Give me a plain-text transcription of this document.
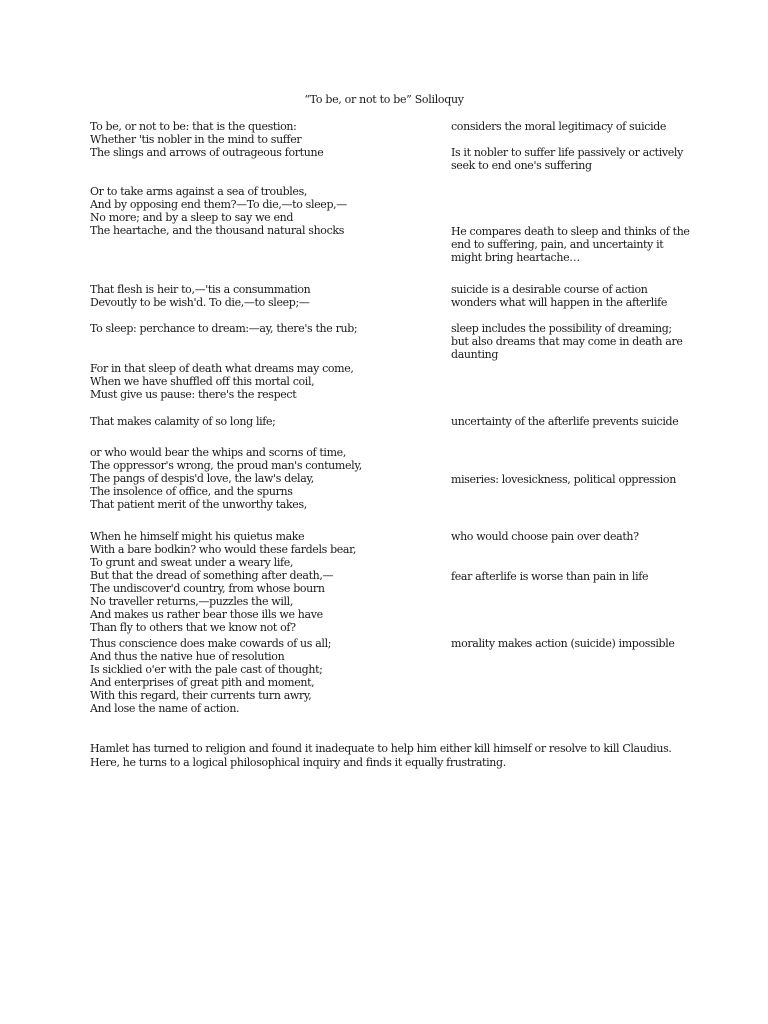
“To be, or not to be” Soliloquy
To be, or not to be: that is the question:
Whether 'tis nobler in the mind to suffer
The slings and arrows of outrageous fortune
Or to take arms against a sea of troubles,
And by opposing end them?—To die,—to sleep,—
No more; and by a sleep to say we end
The heartache, and the thousand natural shocks
That flesh is heir to,—'tis a consummation
Devoutly to be wish'd. To die,—to sleep;—
To sleep: perchance to dream:—ay, there's the rub;
For in that sleep of death what dreams may come,
When we have shuffled off this mortal coil,
Must give us pause: there's the respect
That makes calamity of so long life;
or who would bear the whips and scorns of time,
The oppressor's wrong, the proud man's contumely,
The pangs of despis'd love, the law's delay,
The insolence of office, and the spurns
That patient merit of the unworthy takes,
When he himself might his quietus make
With a bare bodkin? who would these fardels bear,
To grunt and sweat under a weary life,
But that the dread of something after death,—
The undiscover'd country, from whose bourn
No traveller returns,—puzzles the will,
And makes us rather bear those ills we have
Than fly to others that we know not of?
Thus conscience does make cowards of us all;
And thus the native hue of resolution
Is sicklied o'er with the pale cast of thought;
And enterprises of great pith and moment,
With this regard, their currents turn awry,
And lose the name of action.
considers the moral legitimacy of suicide
Is it nobler to suffer life passively or actively seek to end one's suffering
He compares death to sleep and thinks of the end to suffering, pain, and uncertainty it might bring heartache…
suicide is a desirable course of action
wonders what will happen in the afterlife
sleep includes the possibility of dreaming; but also dreams that may come in death are daunting
uncertainty of the afterlife prevents suicide
miseries: lovesickness, political oppression
who would choose pain over death?
fear afterlife is worse than pain in life
morality makes action (suicide) impossible
Hamlet has turned to religion and found it inadequate to help him either kill himself or resolve to kill Claudius. Here, he turns to a logical philosophical inquiry and finds it equally frustrating.
